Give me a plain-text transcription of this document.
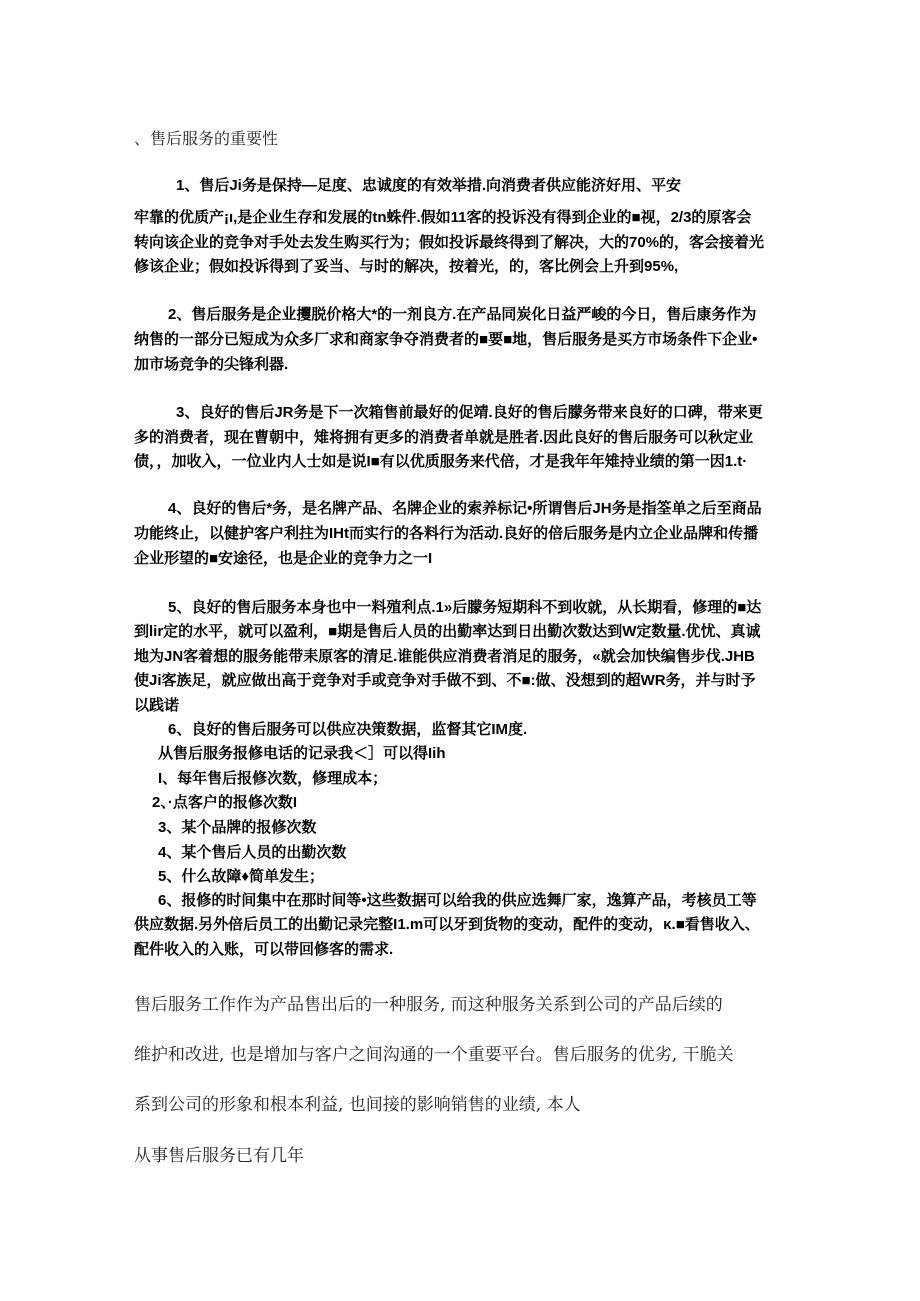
、售后服务的重要性
1、售后Ji务是保持—足度、忠诚度的有效举措.向消费者供应能济好用、平安
牢靠的优质产¡ı,是企业生存和发展的tn蛛件.假如11客的投诉没有得到企业的■视，2/3的原客会
转向该企业的竞争对手处去发生购买行为；假如投诉最终得到了解决，大的70%的，客会接着光
修该企业；假如投诉得到了妥当、与时的解决，按着光，的，客比例会上升到95%,
2、售后服务是企业攫脱价格大*的一剂良方.在产品同炭化日益严峻的今日，售后康务作为
纳售的一部分已短成为众多厂求和商家争夺消费者的■要■地，售后服务是买方市场条件下企业•
加市场竞争的尖锋利器.
3、良好的售后JR务是下一次箱售前最好的促靖.良好的售后朦务带来良好的口碑，带来更
多的消费者，现在曹朝中，雉将拥有更多的消费者单就是胜者.因此良好的售后服务可以秋定业
债，，加收入，一位业内人士如是说I■有以优质服务来代倍，才是我年年雉持业绩的第一因1.t·
4、良好的售后*务，是名牌产品、名牌企业的索养标记•所谓售后JH务是指筌单之后至商品
功能终止，以健护客户利拄为IHt而实行的各料行为活动.良好的倍后服务是内立企业品牌和传播
企业形望的■安途径，也是企业的竞争力之一I
5、良好的售后服务本身也中一料殖利点.1»后朦务短期科不到收就，从长期看，修理的■达
到lir定的水平，就可以盈利，■期是售后人员的出勤率达到日出勤次数达到W定数量.优忧、真诚
地为JN客着想的服务能带耒原客的清足.谁能供应消费者消足的服务，«就会加快编售步伐.JHB
使Ji客族足，就应做出高于竞争对手或竞争对手做不到、不■:做、没想到的超WR务，并与时予
以践诺
6、良好的售后服务可以供应决策数据，监督其它IM度.
从售后服务报修电话的记录我＜］可以得Iih
I、每年售后报修次数，修理成本；
2、·点客户的报修次数I
3、某个品牌的报修次数
4、某个售后人员的出勤次数
5、什么故障♦简单发生；
6、报修的时间集中在那时间等•这些数据可以给我的供应选舞厂家，逸算产品，考核员工等
供应数据.另外倍后员工的出勤记录完整I1.m可以牙到货物的变动，配件的变动，κ.■看售收入、
配件收入的入账，可以带回修客的需求.
售后服务工作作为产品售出后的一种服务, 而这种服务关系到公司的产品后续的
维护和改进, 也是增加与客户之间沟通的一个重要平台。售后服务的优劣, 干脆关
系到公司的形象和根本利益, 也间接的影响销售的业绩, 本人
从事售后服务已有几年
